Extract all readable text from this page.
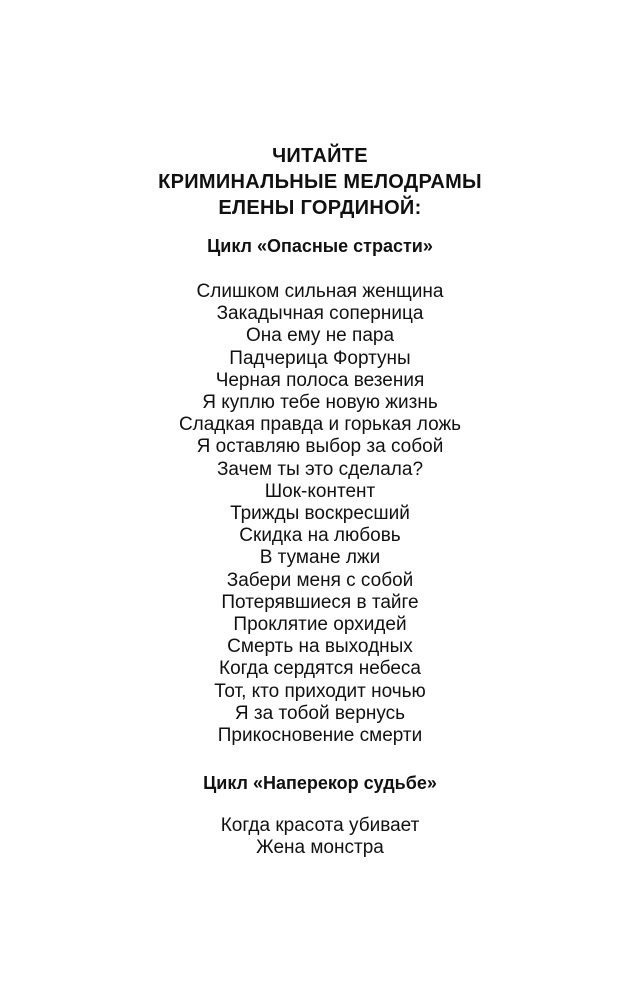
ЧИТАЙТЕ
КРИМИНАЛЬНЫЕ МЕЛОДРАМЫ
ЕЛЕНЫ ГОРДИНОЙ:
Цикл «Опасные страсти»
Слишком сильная женщина
Закадычная соперница
Она ему не пара
Падчерица Фортуны
Черная полоса везения
Я куплю тебе новую жизнь
Сладкая правда и горькая ложь
Я оставляю выбор за собой
Зачем ты это сделала?
Шок-контент
Трижды воскресший
Скидка на любовь
В тумане лжи
Забери меня с собой
Потерявшиеся в тайге
Проклятие орхидей
Смерть на выходных
Когда сердятся небеса
Тот, кто приходит ночью
Я за тобой вернусь
Прикосновение смерти
Цикл «Наперекор судьбе»
Когда красота убивает
Жена монстра
